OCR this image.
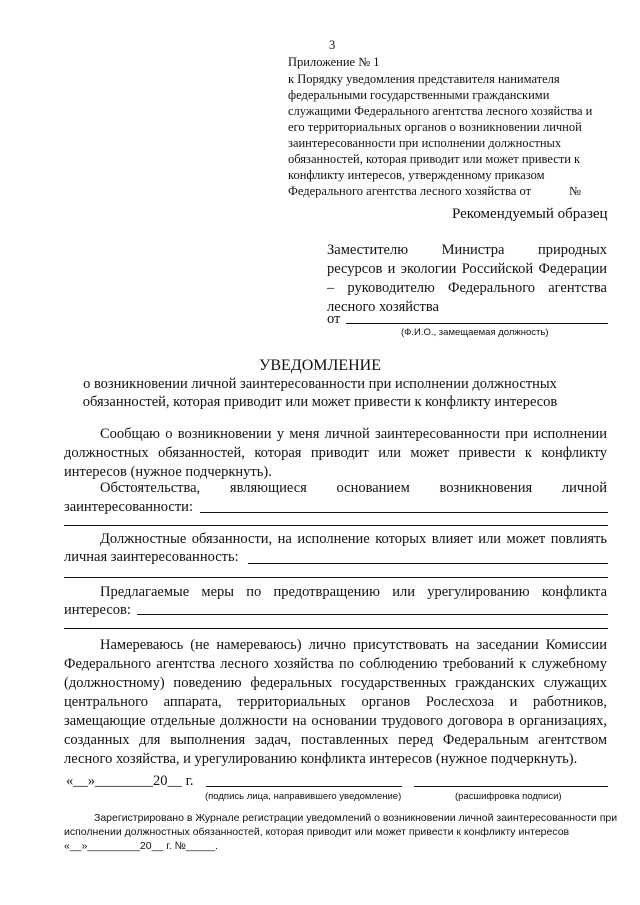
3
Приложение № 1
к Порядку уведомления представителя нанимателя
федеральными государственными гражданскими
служащими Федерального агентства лесного хозяйства и
его территориальных органов о возникновении личной
заинтересованности при исполнении должностных
обязанностей, которая приводит или может привести к
конфликту интересов, утвержденному приказом
Федерального агентства лесного хозяйства от	№
Рекомендуемый образец
Заместителю Министра природных
ресурсов и экологии Российской Федерации
– руководителю Федерального агентства
лесного хозяйства
от
(Ф.И.О., замещаемая должность)
УВЕДОМЛЕНИЕ
о возникновении личной заинтересованности при исполнении должностных
обязанностей, которая приводит или может привести к конфликту интересов
Сообщаю о возникновении у меня личной заинтересованности при исполнении
должностных обязанностей, которая приводит или может привести к конфликту
интересов (нужное подчеркнуть).
Обстоятельства, являющиеся основанием возникновения личной
заинтересованности:
Должностные обязанности, на исполнение которых влияет или может повлиять
личная заинтересованность:
Предлагаемые меры по предотвращению или урегулированию конфликта
интересов:
Намереваюсь (не намереваюсь) лично присутствовать на заседании Комиссии
Федерального агентства лесного хозяйства по соблюдению требований к служебному
(должностному) поведению федеральных государственных гражданских служащих
центрального аппарата, территориальных органов Рослесхоза и работников,
замещающие отдельные должности на основании трудового договора в организациях,
созданных для выполнения задач, поставленных перед Федеральным агентством
лесного хозяйства, и урегулированию конфликта интересов (нужное подчеркнуть).
«__»________20__ г.
(подпись лица, направившего уведомление)	(расшифровка подписи)
Зарегистрировано в Журнале регистрации уведомлений о возникновении личной заинтересованности при
исполнении должностных обязанностей, которая приводит или может привести к конфликту интересов
«__»_________20__ г. №_____.
